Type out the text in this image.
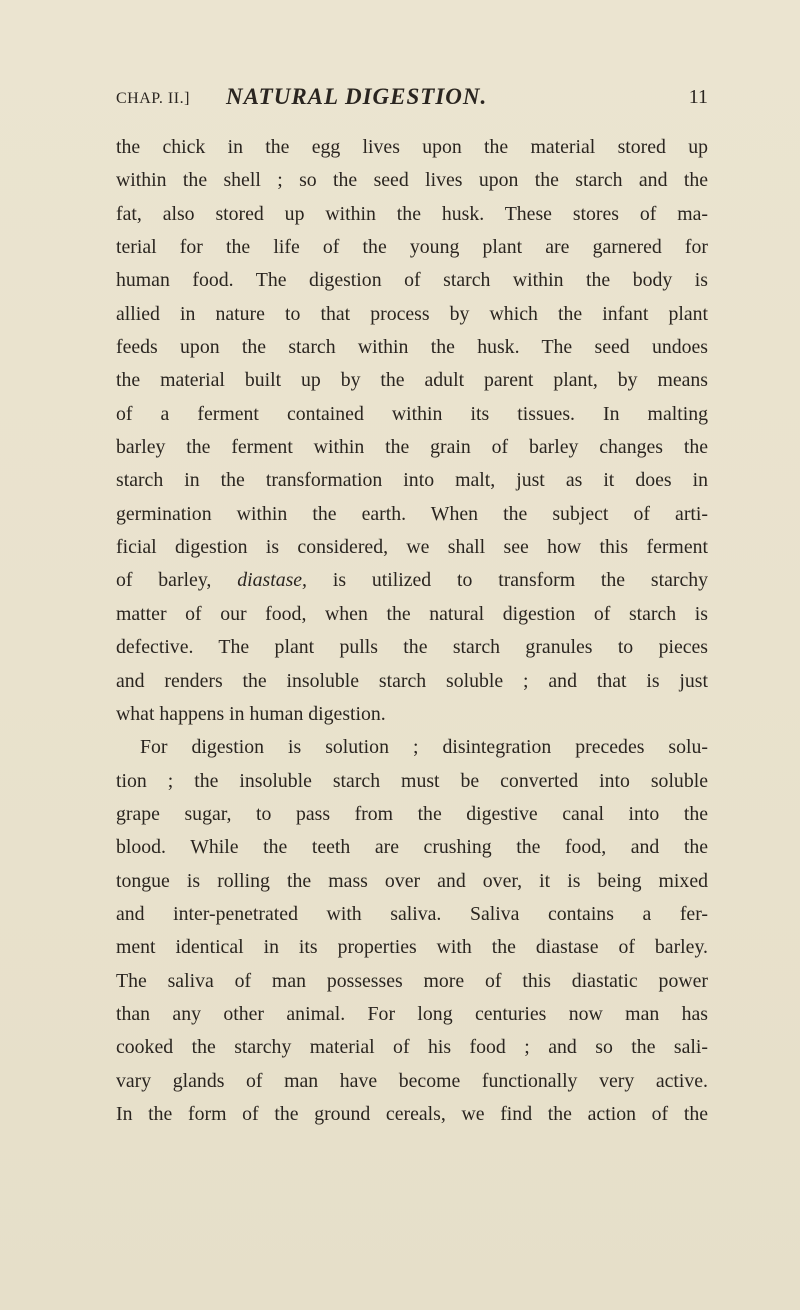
CHAP. II.] NATURAL DIGESTION.	11
the chick in the egg lives upon the material stored up
within the shell ; so the seed lives upon the starch and the
fat, also stored up within the husk. These stores of ma-
terial for the life of the young plant are garnered for
human food. The digestion of starch within the body is
allied in nature to that process by which the infant plant
feeds upon the starch within the husk. The seed undoes
the material built up by the adult parent plant, by means
of a ferment contained within its tissues. In malting
barley the ferment within the grain of barley changes the
starch in the transformation into malt, just as it does in
germination within the earth. When the subject of arti-
ficial digestion is considered, we shall see how this ferment
of barley, diastase, is utilized to transform the starchy
matter of our food, when the natural digestion of starch is
defective. The plant pulls the starch granules to pieces
and renders the insoluble starch soluble ; and that is just
what happens in human digestion.
For digestion is solution ; disintegration precedes solu-
tion ; the insoluble starch must be converted into soluble
grape sugar, to pass from the digestive canal into the
blood. While the teeth are crushing the food, and the
tongue is rolling the mass over and over, it is being mixed
and inter-penetrated with saliva. Saliva contains a fer-
ment identical in its properties with the diastase of barley.
The saliva of man possesses more of this diastatic power
than any other animal. For long centuries now man has
cooked the starchy material of his food ; and so the sali-
vary glands of man have become functionally very active.
In the form of the ground cereals, we find the action of the
